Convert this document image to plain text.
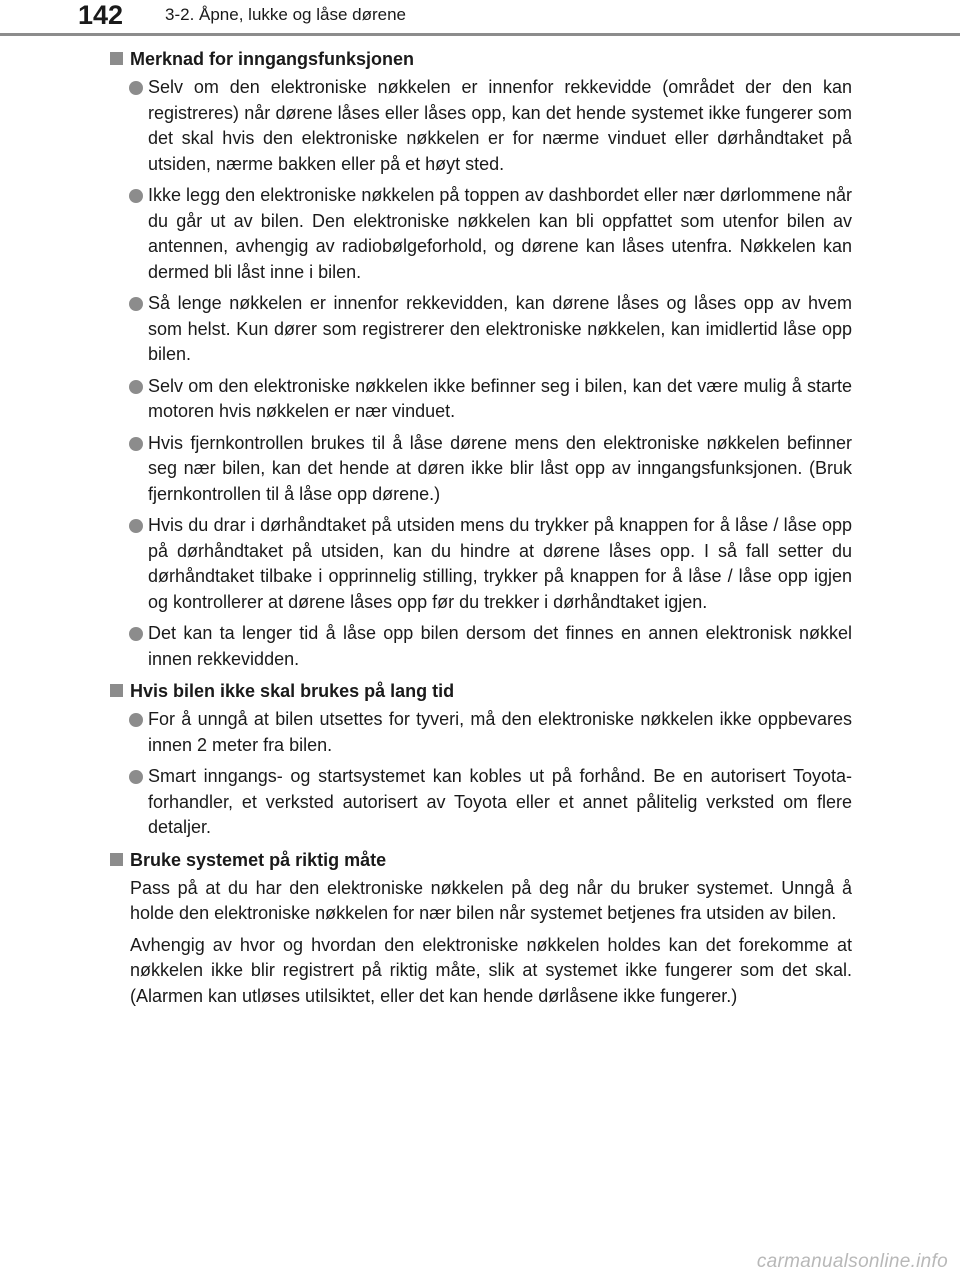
142 3-2. Åpne, lukke og låse dørene
Merknad for inngangsfunksjonen
Selv om den elektroniske nøkkelen er innenfor rekkevidde (området der den kan registreres) når dørene låses eller låses opp, kan det hende systemet ikke fungerer som det skal hvis den elektroniske nøkkelen er for nærme vinduet eller dørhåndtaket på utsiden, nærme bakken eller på et høyt sted.
Ikke legg den elektroniske nøkkelen på toppen av dashbordet eller nær dørlommene når du går ut av bilen. Den elektroniske nøkkelen kan bli oppfattet som utenfor bilen av antennen, avhengig av radiobølgeforhold, og dørene kan låses utenfra. Nøkkelen kan dermed bli låst inne i bilen.
Så lenge nøkkelen er innenfor rekkevidden, kan dørene låses og låses opp av hvem som helst. Kun dører som registrerer den elektroniske nøkkelen, kan imidlertid låse opp bilen.
Selv om den elektroniske nøkkelen ikke befinner seg i bilen, kan det være mulig å starte motoren hvis nøkkelen er nær vinduet.
Hvis fjernkontrollen brukes til å låse dørene mens den elektroniske nøkkelen befinner seg nær bilen, kan det hende at døren ikke blir låst opp av inngangsfunksjonen. (Bruk fjernkontrollen til å låse opp dørene.)
Hvis du drar i dørhåndtaket på utsiden mens du trykker på knappen for å låse / låse opp på dørhåndtaket på utsiden, kan du hindre at dørene låses opp. I så fall setter du dørhåndtaket tilbake i opprinnelig stilling, trykker på knappen for å låse / låse opp igjen og kontrollerer at dørene låses opp før du trekker i dørhåndtaket igjen.
Det kan ta lenger tid å låse opp bilen dersom det finnes en annen elektronisk nøkkel innen rekkevidden.
Hvis bilen ikke skal brukes på lang tid
For å unngå at bilen utsettes for tyveri, må den elektroniske nøkkelen ikke oppbevares innen 2 meter fra bilen.
Smart inngangs- og startsystemet kan kobles ut på forhånd. Be en autorisert Toyota-forhandler, et verksted autorisert av Toyota eller et annet pålitelig verksted om flere detaljer.
Bruke systemet på riktig måte
Pass på at du har den elektroniske nøkkelen på deg når du bruker systemet. Unngå å holde den elektroniske nøkkelen for nær bilen når systemet betjenes fra utsiden av bilen.
Avhengig av hvor og hvordan den elektroniske nøkkelen holdes kan det forekomme at nøkkelen ikke blir registrert på riktig måte, slik at systemet ikke fungerer som det skal. (Alarmen kan utløses utilsiktet, eller det kan hende dørlåsene ikke fungerer.)
carmanualsonline.info
